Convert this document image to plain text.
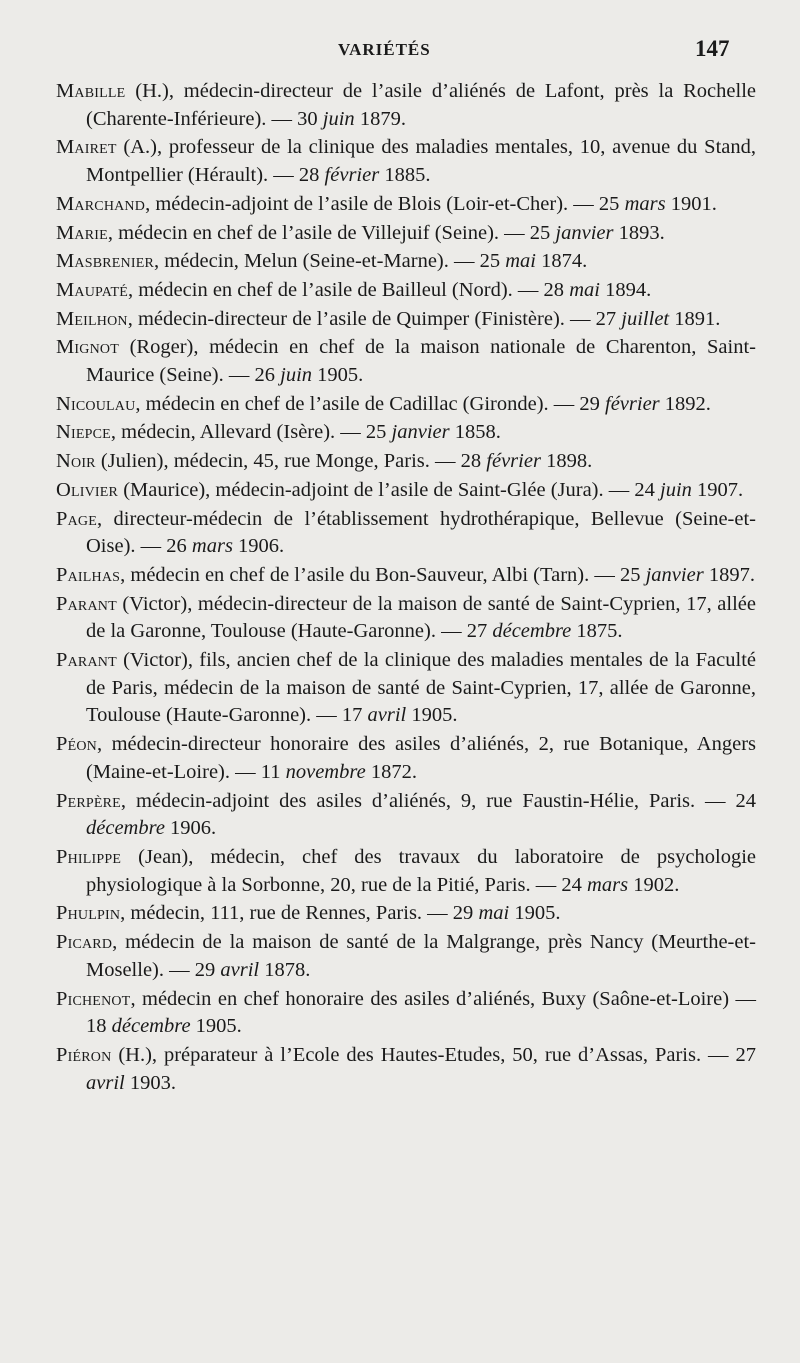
VARIÉTÉS	147

Mabille (H.), médecin-directeur de l’asile d’aliénés de Lafont, près la Rochelle (Charente-Inférieure). — 30 juin 1879.

Mairet (A.), professeur de la clinique des maladies mentales, 10, avenue du Stand, Montpellier (Hérault). — 28 février 1885.

Marchand, médecin-adjoint de l’asile de Blois (Loir-et-Cher). — 25 mars 1901.

Marie, médecin en chef de l’asile de Villejuif (Seine). — 25 janvier 1893.

Masbrenier, médecin, Melun (Seine-et-Marne). — 25 mai 1874.

Maupaté, médecin en chef de l’asile de Bailleul (Nord). — 28 mai 1894.

Meilhon, médecin-directeur de l’asile de Quimper (Finistère). — 27 juillet 1891.

Mignot (Roger), médecin en chef de la maison nationale de Charenton, Saint-Maurice (Seine). — 26 juin 1905.

Nicoulau, médecin en chef de l’asile de Cadillac (Gironde). — 29 février 1892.

Niepce, médecin, Allevard (Isère). — 25 janvier 1858.

Noir (Julien), médecin, 45, rue Monge, Paris. — 28 février 1898.

Olivier (Maurice), médecin-adjoint de l’asile de Saint-Glée (Jura). — 24 juin 1907.

Page, directeur-médecin de l’établissement hydrothérapique, Bellevue (Seine-et-Oise). — 26 mars 1906.

Pailhas, médecin en chef de l’asile du Bon-Sauveur, Albi (Tarn). — 25 janvier 1897.

Parant (Victor), médecin-directeur de la maison de santé de Saint-Cyprien, 17, allée de la Garonne, Toulouse (Haute-Garonne). — 27 décembre 1875.

Parant (Victor), fils, ancien chef de la clinique des maladies mentales de la Faculté de Paris, médecin de la maison de santé de Saint-Cyprien, 17, allée de Garonne, Toulouse (Haute-Garonne). — 17 avril 1905.

Péon, médecin-directeur honoraire des asiles d’aliénés, 2, rue Botanique, Angers (Maine-et-Loire). — 11 novembre 1872.

Perpère, médecin-adjoint des asiles d’aliénés, 9, rue Faustin-Hélie, Paris. — 24 décembre 1906.

Philippe (Jean), médecin, chef des travaux du laboratoire de psychologie physiologique à la Sorbonne, 20, rue de la Pitié, Paris. — 24 mars 1902.

Phulpin, médecin, 111, rue de Rennes, Paris. — 29 mai 1905.

Picard, médecin de la maison de santé de la Malgrange, près Nancy (Meurthe-et-Moselle). — 29 avril 1878.

Pichenot, médecin en chef honoraire des asiles d’aliénés, Buxy (Saône-et-Loire) — 18 décembre 1905.

Piéron (H.), préparateur à l’Ecole des Hautes-Etudes, 50, rue d’Assas, Paris. — 27 avril 1903.
